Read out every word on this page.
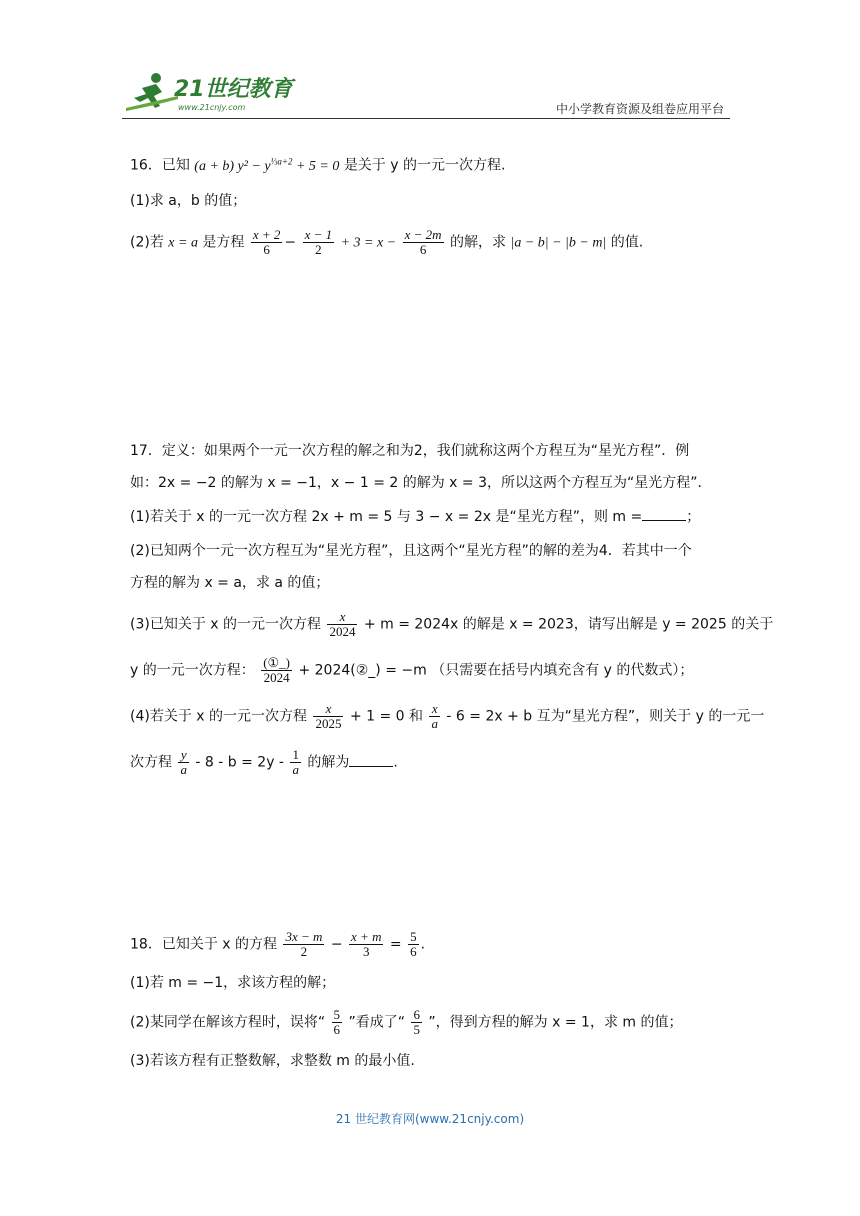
21世纪教育
www.21cnjy.com	中小学教育资源及组卷应用平台
16．已知 (a + b) $y^2 - y^{\frac{1}{3}a+2} + 5 = 0$ 是关于 y 的一元一次方程.
(1)求 a，b 的值；
(2)若 x = a 是方程 $\frac{x + 2}{6} - \frac{x - 1}{2} + 3 = x - \frac{x - 2m}{6}$ 的解，求 |a − b| − |b − m| 的值.
17．定义：如果两个一元一次方程的解之和为2，我们就称这两个方程互为“星光方程”．例
如：2x = −2 的解为 x = −1，x − 1 = 2 的解为 x = 3，所以这两个方程互为“星光方程”．
(1)若关于 x 的一元一次方程 2x + m = 5 与 3 − x = 2x 是“星光方程”，则 m =	；
(2)已知两个一元一次方程互为“星光方程”，且这两个“星光方程”的解的差为4．若其中一个
方程的解为 x = a，求 a 的值；
(3)已知关于 x 的一元一次方程 $\frac{x}{2024} + m = 2024x$ 的解是 x = 2023，请写出解是 y = 2025 的关于
y 的一元一次方程： $\frac{\text{(①\_)}}{2024}$ + 2024(②_) = −m （只需要在括号内填充含有 y 的代数式）；
(4)若关于 x 的一元一次方程 $\frac{x}{2025} + 1 = 0$ 和 $\frac{x}{a} - 6 = 2x + b$ 互为“星光方程”，则关于 y 的一元一
次方程 $\frac{y}{a} - 8 - b = 2y - \frac{1}{a}$ 的解为	.
18．已知关于 x 的方程 $\frac{3x - m}{2} - \frac{x + m}{3} = \frac{5}{6}$ .
(1)若 m = −1，求该方程的解；
(2)某同学在解该方程时，误将“ $\frac{5}{6}$ ”看成了“ $\frac{6}{5}$ ”，得到方程的解为 x = 1，求 m 的值；
(3)若该方程有正整数解，求整数 m 的最小值.
21 世纪教育网(www.21cnjy.com)
